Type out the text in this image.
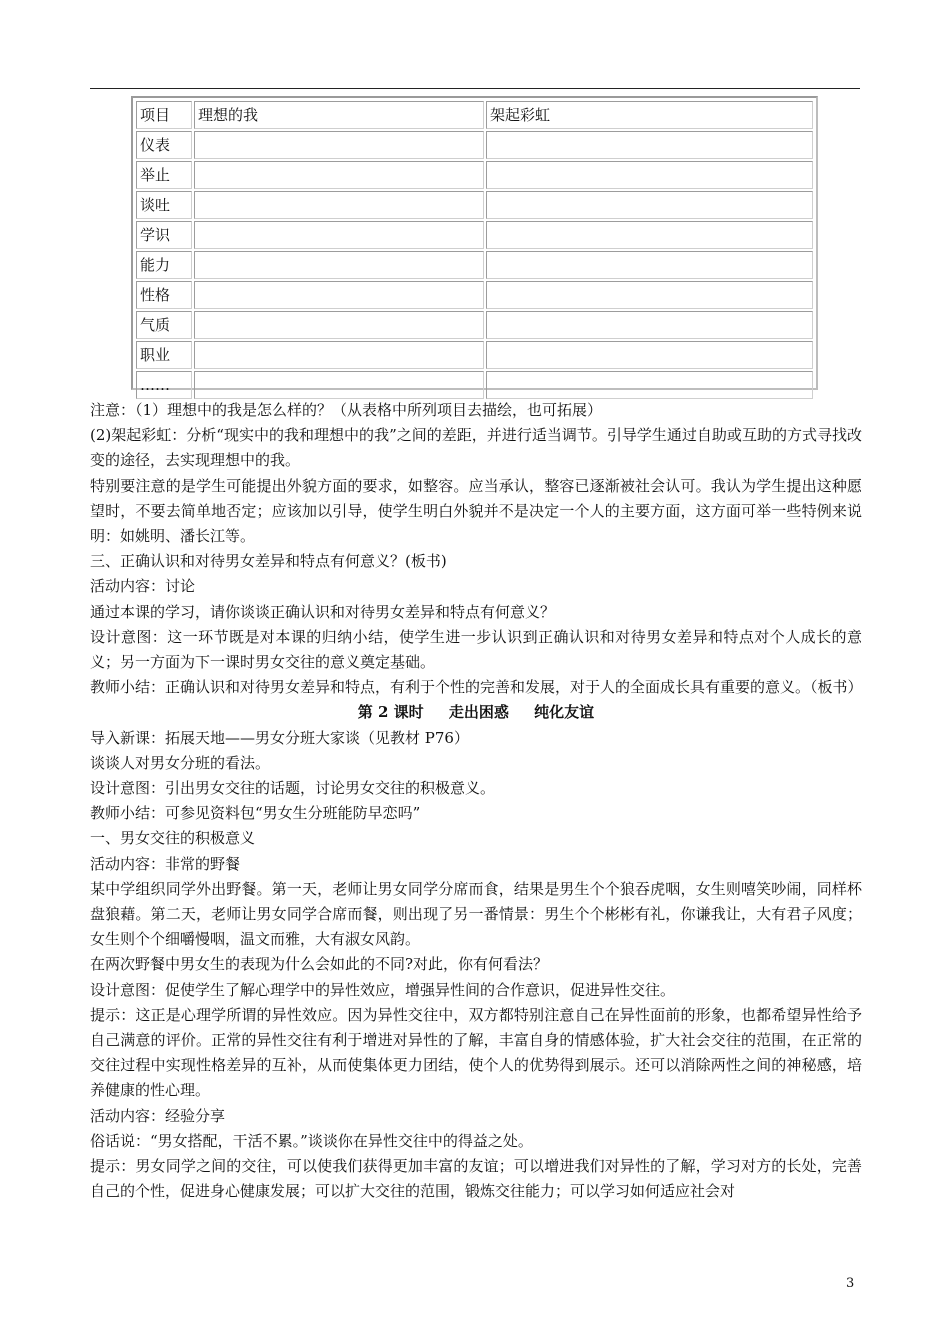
项目	理想的我	架起彩虹
仪表		
举止		
谈吐		
学识		
能力		
性格		
气质		
职业		
……		

注意：（1）理想中的我是怎么样的？（从表格中所列项目去描绘，也可拓展）

(2)架起彩虹：分析“现实中的我和理想中的我”之间的差距，并进行适当调节。引导学生通过自助或互助的方式寻找改变的途径，去实现理想中的我。

特别要注意的是学生可能提出外貌方面的要求，如整容。应当承认，整容已逐渐被社会认可。我认为学生提出这种愿望时，不要去简单地否定；应该加以引导，使学生明白外貌并不是决定一个人的主要方面，这方面可举一些特例来说明：如姚明、潘长江等。

三、正确认识和对待男女差异和特点有何意义？(板书)

活动内容：讨论

通过本课的学习，请你谈谈正确认识和对待男女差异和特点有何意义？

设计意图：这一环节既是对本课的归纳小结，使学生进一步认识到正确认识和对待男女差异和特点对个人成长的意义；另一方面为下一课时男女交往的意义奠定基础。

教师小结：正确认识和对待男女差异和特点，有利于个性的完善和发展，对于人的全面成长具有重要的意义。（板书）

第 2 课时 走出困惑 纯化友谊

导入新课：拓展天地——男女分班大家谈（见教材 P76）

谈谈人对男女分班的看法。

设计意图：引出男女交往的话题，讨论男女交往的积极意义。

教师小结：可参见资料包“男女生分班能防早恋吗”

一、男女交往的积极意义

活动内容：非常的野餐

某中学组织同学外出野餐。第一天，老师让男女同学分席而食，结果是男生个个狼吞虎咽，女生则嘻笑吵闹，同样杯盘狼藉。第二天，老师让男女同学合席而餐，则出现了另一番情景：男生个个彬彬有礼，你谦我让，大有君子风度；女生则个个细嚼慢咽，温文而雅，大有淑女风韵。

在两次野餐中男女生的表现为什么会如此的不同?对此，你有何看法？

设计意图：促使学生了解心理学中的异性效应，增强异性间的合作意识，促进异性交往。

提示：这正是心理学所谓的异性效应。因为异性交往中，双方都特别注意自己在异性面前的形象，也都希望异性给予自己满意的评价。正常的异性交往有利于增进对异性的了解，丰富自身的情感体验，扩大社会交往的范围，在正常的交往过程中实现性格差异的互补，从而使集体更力团结，使个人的优势得到展示。还可以消除两性之间的神秘感，培养健康的性心理。

活动内容：经验分享

俗话说：“男女搭配，干活不累。”谈谈你在异性交往中的得益之处。

提示：男女同学之间的交往，可以使我们获得更加丰富的友谊；可以增进我们对异性的了解，学习对方的长处，完善自己的个性，促进身心健康发展；可以扩大交往的范围，锻炼交往能力；可以学习如何适应社会对

3
